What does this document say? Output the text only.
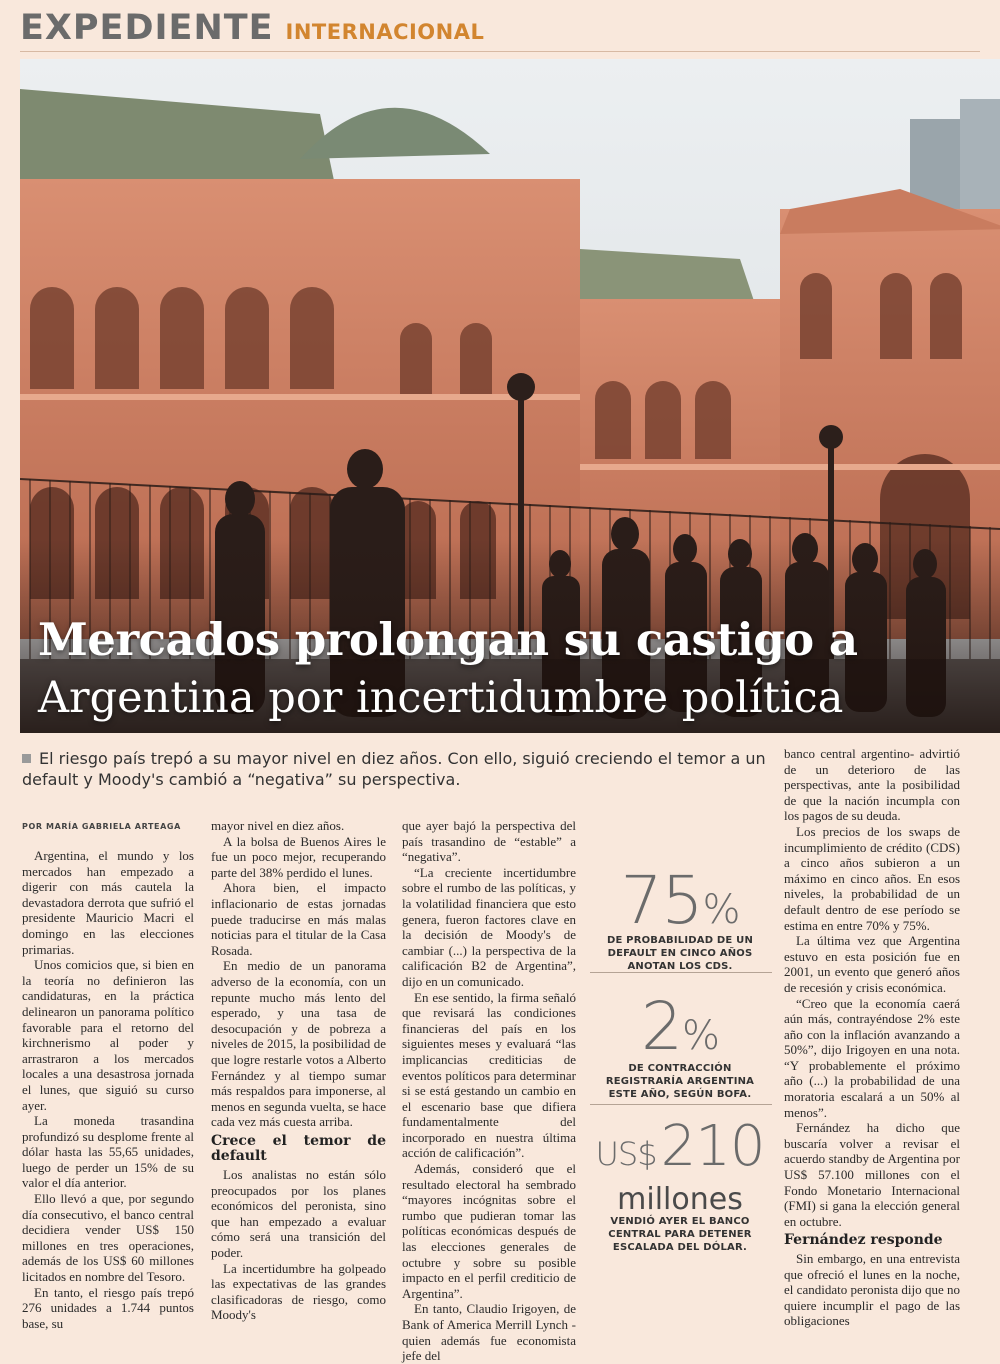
EXPEDIENTE INTERNACIONAL
Mercados prolongan su castigo a
Argentina por incertidumbre política
El riesgo país trepó a su mayor nivel en diez años. Con ello, siguió creciendo el temor a un default y Moody's cambió a “negativa” su perspectiva.
POR MARÍA GABRIELA ARTEAGA

Argentina, el mundo y los mercados han empezado a digerir con más cautela la devastadora derrota que sufrió el presidente Mauricio Macri el domingo en las elecciones primarias.

Unos comicios que, si bien en la teoría no definieron las candidaturas, en la práctica delinearon un panorama político favorable para el retorno del kirchnerismo al poder y arrastraron a los mercados locales a una desastrosa jornada el lunes, que siguió su curso ayer.

La moneda trasandina profundizó su desplome frente al dólar hasta las 55,65 unidades, luego de perder un 15% de su valor el día anterior.

Ello llevó a que, por segundo día consecutivo, el banco central decidiera vender US$ 150 millones en tres operaciones, además de los US$ 60 millones licitados en nombre del Tesoro.

En tanto, el riesgo país trepó 276 unidades a 1.744 puntos base, su

mayor nivel en diez años.

A la bolsa de Buenos Aires le fue un poco mejor, recuperando parte del 38% perdido el lunes.

Ahora bien, el impacto inflacionario de estas jornadas puede traducirse en más malas noticias para el titular de la Casa Rosada.

En medio de un panorama adverso de la economía, con un repunte mucho más lento del esperado, y una tasa de desocupación y de pobreza a niveles de 2015, la posibilidad de que logre restarle votos a Alberto Fernández y al tiempo sumar más respaldos para imponerse, al menos en segunda vuelta, se hace cada vez más cuesta arriba.

Crece el temor de default

Los analistas no están sólo preocupados por los planes económicos del peronista, sino que han empezado a evaluar cómo será una transición del poder.

La incertidumbre ha golpeado las expectativas de las grandes clasificadoras de riesgo, como Moody's

que ayer bajó la perspectiva del país trasandino de “estable” a “negativa”.

“La creciente incertidumbre sobre el rumbo de las políticas, y la volatilidad financiera que esto genera, fueron factores clave en la decisión de Moody's de cambiar (...) la perspectiva de la calificación B2 de Argentina”, dijo en un comunicado.

En ese sentido, la firma señaló que revisará las condiciones financieras del país en los siguientes meses y evaluará “las implicancias crediticias de eventos políticos para determinar si se está gestando un cambio en el escenario base que difiera fundamentalmente del incorporado en nuestra última acción de calificación”.

Además, consideró que el resultado electoral ha sembrado “mayores incógnitas sobre el rumbo que pudieran tomar las políticas económicas después de las elecciones generales de octubre y sobre su posible impacto en el perfil crediticio de Argentina”.

En tanto, Claudio Irigoyen, de Bank of America Merrill Lynch -quien además fue economista jefe del

75%
DE PROBABILIDAD DE UN DEFAULT EN CINCO AÑOS ANOTAN LOS CDS.
2%
DE CONTRACCIÓN REGISTRARÍA ARGENTINA ESTE AÑO, SEGÚN BOFA.
US$ 210
millones
VENDIÓ AYER EL BANCO CENTRAL PARA DETENER ESCALADA DEL DÓLAR.

banco central argentino- advirtió de un deterioro de las perspectivas, ante la posibilidad de que la nación incumpla con los pagos de su deuda.

Los precios de los swaps de incumplimiento de crédito (CDS) a cinco años subieron a un máximo en cinco años. En esos niveles, la probabilidad de un default dentro de ese período se estima en entre 70% y 75%.

La última vez que Argentina estuvo en esta posición fue en 2001, un evento que generó años de recesión y crisis económica.

“Creo que la economía caerá aún más, contrayéndose 2% este año con la inflación avanzando a 50%”, dijo Irigoyen en una nota. “Y probablemente el próximo año (...) la probabilidad de una moratoria escalará a un 50% al menos”.

Fernández ha dicho que buscaría volver a revisar el acuerdo standby de Argentina por US$ 57.100 millones con el Fondo Monetario Internacional (FMI) si gana la elección general en octubre.

Fernández responde

Sin embargo, en una entrevista que ofreció el lunes en la noche, el candidato peronista dijo que no quiere incumplir el pago de las obligaciones
